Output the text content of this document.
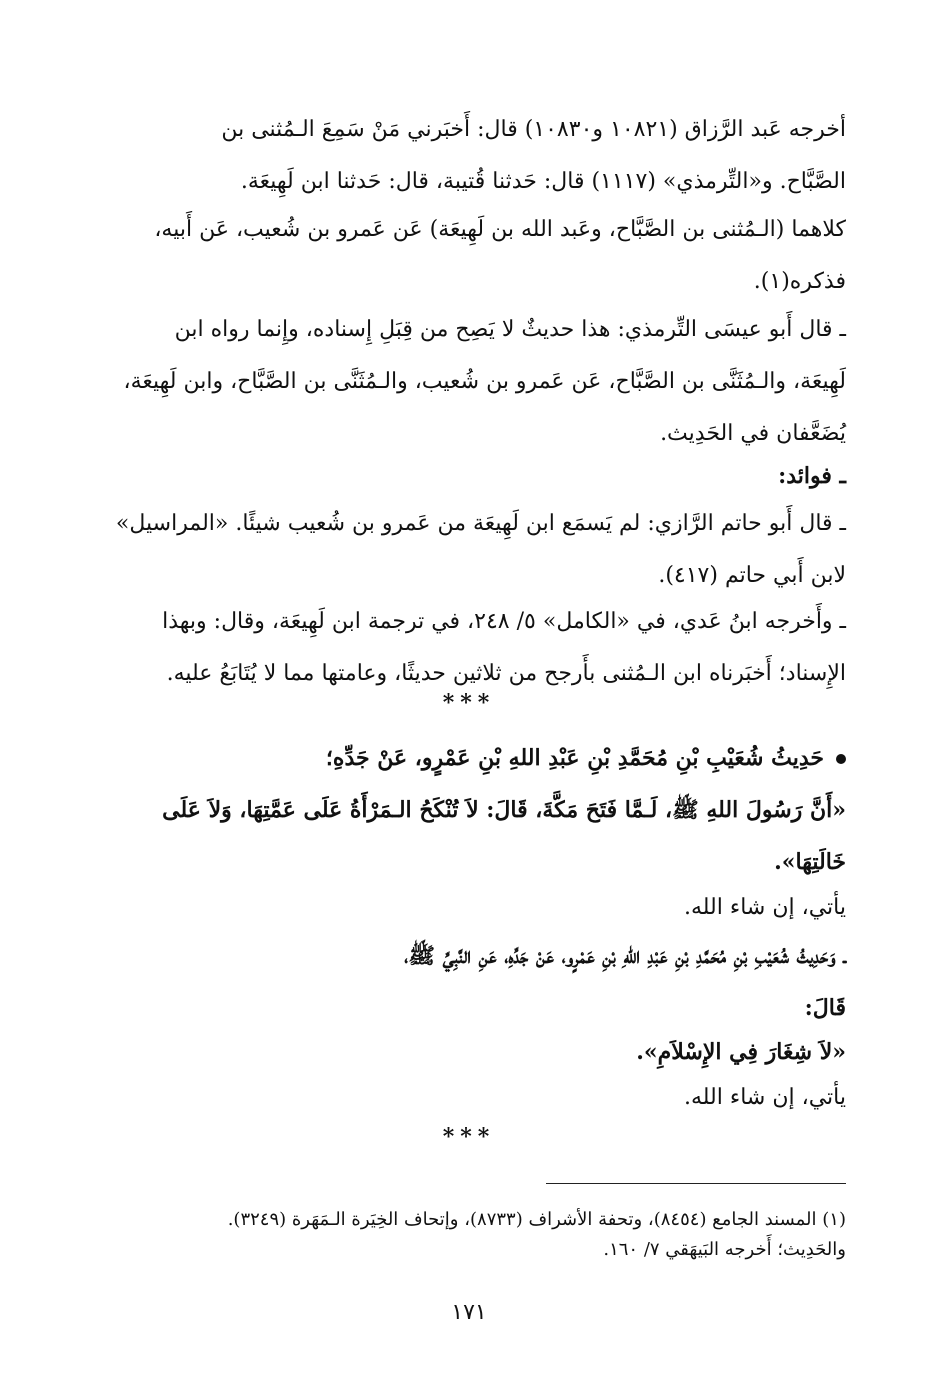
أخرجه عَبد الرَّزاق (١٠٨٢١ و١٠٨٣٠) قال: أَخبَرني مَنْ سَمِعَ الـمُثنى بن
الصَّبَّاح. و«التِّرمذي» (١١١٧) قال: حَدثنا قُتيبة، قال: حَدثنا ابن لَهِيعَة.
كلاهما (الـمُثنى بن الصَّبَّاح، وعَبد الله بن لَهِيعَة) عَن عَمرو بن شُعيب، عَن أَبيه،
فذكره(١).
ـ قال أَبو عيسَى التِّرمذي: هذا حديثٌ لا يَصِح من قِبَلِ إِسناده، وإِنما رواه ابن
لَهِيعَة، والـمُثَنَّى بن الصَّبَّاح، عَن عَمرو بن شُعيب، والـمُثَنَّى بن الصَّبَّاح، وابن لَهِيعَة،
يُضَعَّفان في الحَدِيث.
ـ فوائد:
ـ قال أَبو حاتم الرَّازي: لم يَسمَع ابن لَهِيعَة من عَمرو بن شُعيب شيئًا. «المراسيل»
لابن أَبي حاتم (٤١٧).
ـ وأَخرجه ابنُ عَدي، في «الكامل» ٥/ ٢٤٨، في ترجمة ابن لَهِيعَة، وقال: وبهذا
الإِسناد؛ أَخبَرناه ابن الـمُثنى بأَرجح من ثلاثين حديثًا، وعامتها مما لا يُتَابَعُ عليه.
***
حَدِيثُ شُعَيْبِ بْنِ مُحَمَّدِ بْنِ عَبْدِ اللهِ بْنِ عَمْرٍو، عَنْ جَدِّهِ؛
«أَنَّ رَسُولَ اللهِ ﷺ، لَـمَّا فَتَحَ مَكَّةَ، قَالَ: لاَ تُنْكَحُ الـمَرْأَةُ عَلَى عَمَّتِهَا، وَلاَ عَلَى
خَالَتِهَا».
يأتي، إن شاء الله.
ـ وَحَدِيثُ شُعَيْبِ بْنِ مُحَمَّدِ بْنِ عَبْدِ اللهِ بْنِ عَمْرٍو، عَنْ جَدِّهِ، عَنِ النَّبِيِّ ﷺ،
قَالَ:
«لاَ شِغَارَ فِي الإِسْلاَمِ».
يأتي، إن شاء الله.
***
(١) المسند الجامع (٨٤٥٤)، وتحفة الأشراف (٨٧٣٣)، وإتحاف الخِيَرة الـمَهَرة (٣٢٤٩).
والحَدِيث؛ أَخرجه البَيهَقي ٧/ ١٦٠.
١٧١
